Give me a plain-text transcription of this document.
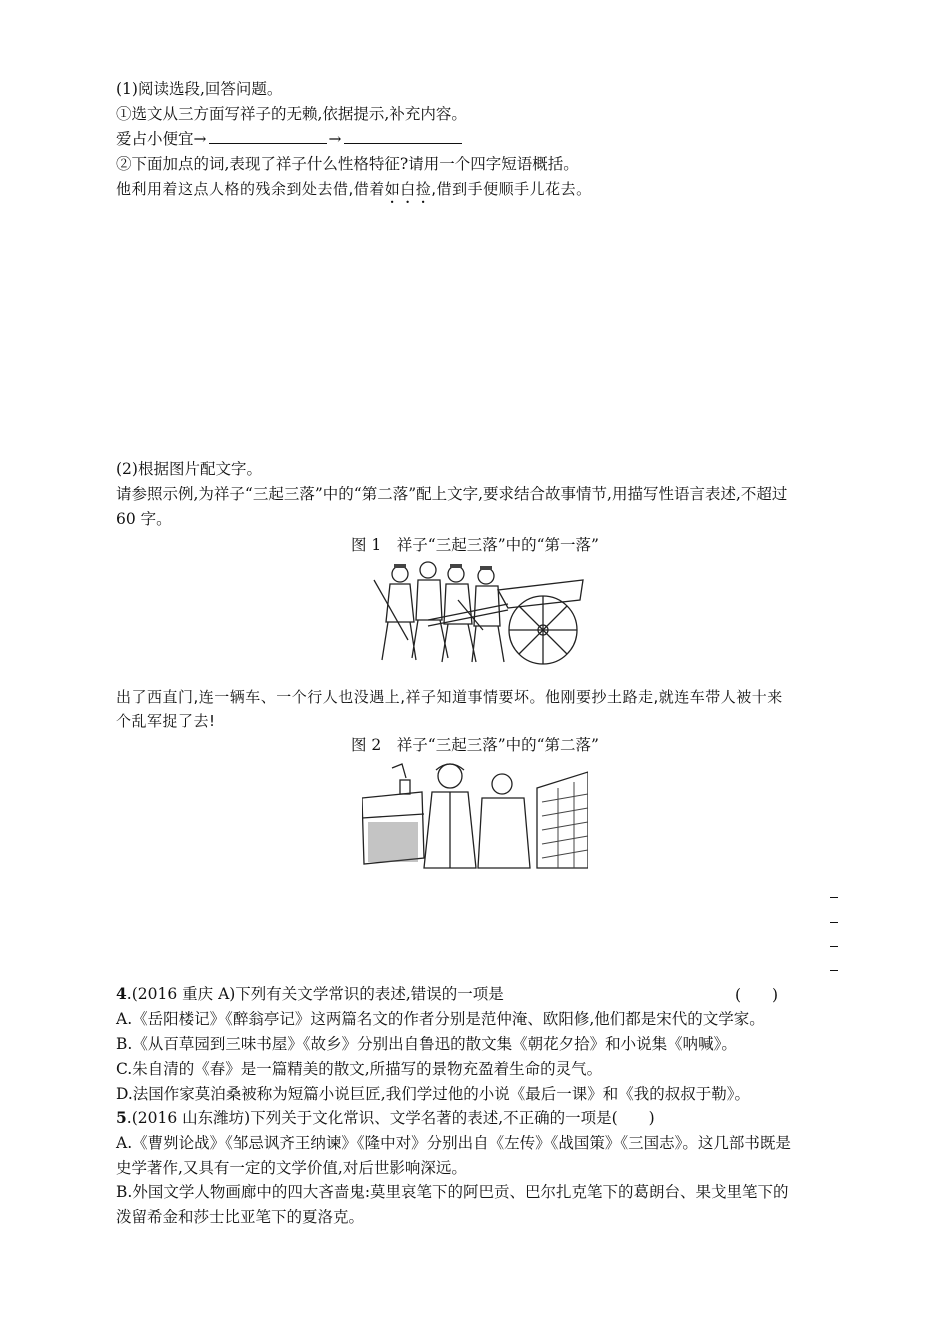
(1)阅读选段,回答问题。
①选文从三方面写祥子的无赖,依据提示,补充内容。
爱占小便宜→	→
②下面加点的词,表现了祥子什么性格特征?请用一个四字短语概括。
他利用着这点人格的残余到处去借,借着如白捡,借到手便顺手儿花去。
(2)根据图片配文字。
请参照示例,为祥子“三起三落”中的“第二落”配上文字,要求结合故事情节,用描写性语言表述,不超过
60 字。
图 1　祥子“三起三落”中的“第一落”
出了西直门,连一辆车、一个行人也没遇上,祥子知道事情要坏。他刚要抄土路走,就连车带人被十来
个乱军捉了去!
图 2　祥子“三起三落”中的“第二落”
4.(2016 重庆 A)下列有关文学常识的表述,错误的一项是	(　　)
A.《岳阳楼记》《醉翁亭记》这两篇名文的作者分别是范仲淹、欧阳修,他们都是宋代的文学家。
B.《从百草园到三味书屋》《故乡》分别出自鲁迅的散文集《朝花夕拾》和小说集《呐喊》。
C.朱自清的《春》是一篇精美的散文,所描写的景物充盈着生命的灵气。
D.法国作家莫泊桑被称为短篇小说巨匠,我们学过他的小说《最后一课》和《我的叔叔于勒》。
5.(2016 山东潍坊)下列关于文化常识、文学名著的表述,不正确的一项是(　　)
A.《曹刿论战》《邹忌讽齐王纳谏》《隆中对》分别出自《左传》《战国策》《三国志》。这几部书既是
史学著作,又具有一定的文学价值,对后世影响深远。
B.外国文学人物画廊中的四大吝啬鬼:莫里哀笔下的阿巴贡、巴尔扎克笔下的葛朗台、果戈里笔下的
泼留希金和莎士比亚笔下的夏洛克。
